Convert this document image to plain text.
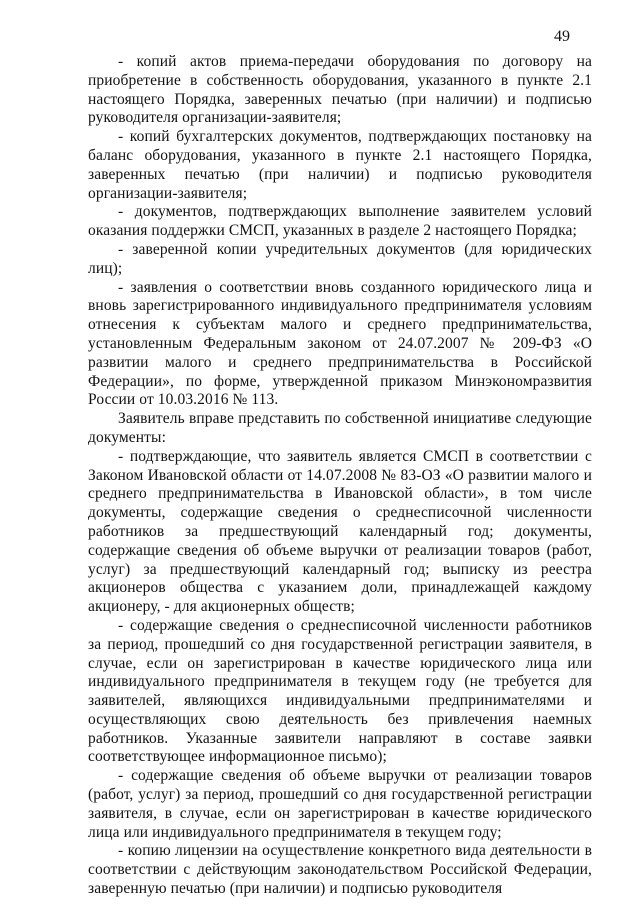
49

- копий актов приема-передачи оборудования по договору на приобретение в собственность оборудования, указанного в пункте 2.1 настоящего Порядка, заверенных печатью (при наличии) и подписью руководителя организации-заявителя;

- копий бухгалтерских документов, подтверждающих постановку на баланс оборудования, указанного в пункте 2.1 настоящего Порядка, заверенных печатью (при наличии) и подписью руководителя организации-заявителя;

- документов, подтверждающих выполнение заявителем условий оказания поддержки СМСП, указанных в разделе 2 настоящего Порядка;

- заверенной копии учредительных документов (для юридических лиц);

- заявления о соответствии вновь созданного юридического лица и вновь зарегистрированного индивидуального предпринимателя условиям отнесения к субъектам малого и среднего предпринимательства, установленным Федеральным законом от 24.07.2007 № 209-ФЗ «О развитии малого и среднего предпринимательства в Российской Федерации», по форме, утвержденной приказом Минэкономразвития России от 10.03.2016 № 113.

Заявитель вправе представить по собственной инициативе следующие документы:

- подтверждающие, что заявитель является СМСП в соответствии с Законом Ивановской области от 14.07.2008 № 83-ОЗ «О развитии малого и среднего предпринимательства в Ивановской области», в том числе документы, содержащие сведения о среднесписочной численности работников за предшествующий календарный год; документы, содержащие сведения об объеме выручки от реализации товаров (работ, услуг) за предшествующий календарный год; выписку из реестра акционеров общества с указанием доли, принадлежащей каждому акционеру, - для акционерных обществ;

- содержащие сведения о среднесписочной численности работников за период, прошедший со дня государственной регистрации заявителя, в случае, если он зарегистрирован в качестве юридического лица или индивидуального предпринимателя в текущем году (не требуется для заявителей, являющихся индивидуальными предпринимателями и осуществляющих свою деятельность без привлечения наемных работников. Указанные заявители направляют в составе заявки соответствующее информационное письмо);

- содержащие сведения об объеме выручки от реализации товаров (работ, услуг) за период, прошедший со дня государственной регистрации заявителя, в случае, если он зарегистрирован в качестве юридического лица или индивидуального предпринимателя в текущем году;

- копию лицензии на осуществление конкретного вида деятельности в соответствии с действующим законодательством Российской Федерации, заверенную печатью (при наличии) и подписью руководителя
